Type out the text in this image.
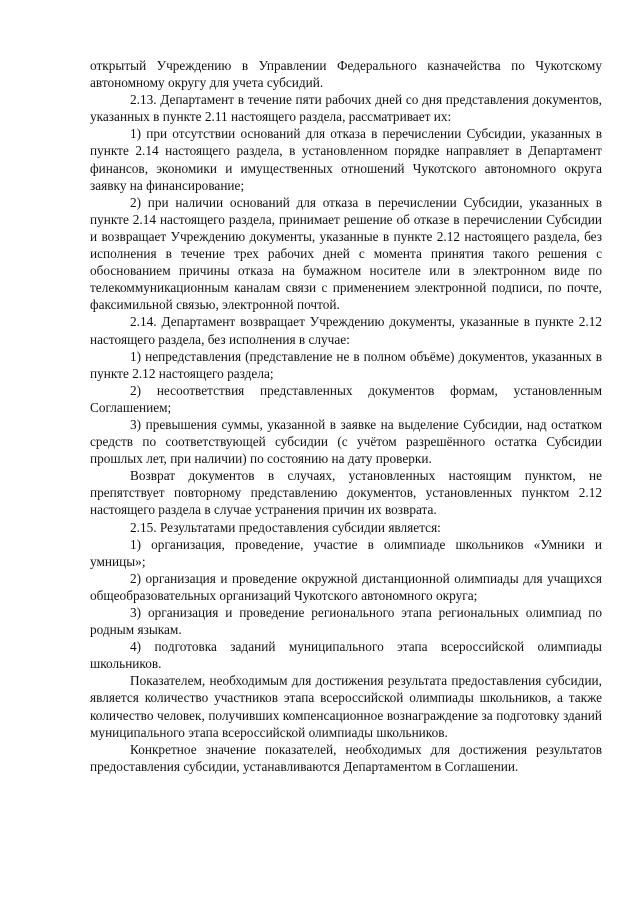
открытый Учреждению в Управлении Федерального казначейства по Чукотскому автономному округу для учета субсидий.

2.13. Департамент в течение пяти рабочих дней со дня представления документов, указанных в пункте 2.11 настоящего раздела, рассматривает их:

1) при отсутствии оснований для отказа в перечислении Субсидии, указанных в пункте 2.14 настоящего раздела, в установленном порядке направляет в Департамент финансов, экономики и имущественных отношений Чукотского автономного округа заявку на финансирование;

2) при наличии оснований для отказа в перечислении Субсидии, указанных в пункте 2.14 настоящего раздела, принимает решение об отказе в перечислении Субсидии и возвращает Учреждению документы, указанные в пункте 2.12 настоящего раздела, без исполнения в течение трех рабочих дней с момента принятия такого решения с обоснованием причины отказа на бумажном носителе или в электронном виде по телекоммуникационным каналам связи с применением электронной подписи, по почте, факсимильной связью, электронной почтой.

2.14. Департамент возвращает Учреждению документы, указанные в пункте 2.12 настоящего раздела, без исполнения в случае:

1) непредставления (представление не в полном объёме) документов, указанных в пункте 2.12 настоящего раздела;

2) несоответствия представленных документов формам, установленным Соглашением;

3) превышения суммы, указанной в заявке на выделение Субсидии, над остатком средств по соответствующей субсидии (с учётом разрешённого остатка Субсидии прошлых лет, при наличии) по состоянию на дату проверки.

Возврат документов в случаях, установленных настоящим пунктом, не препятствует повторному представлению документов, установленных пунктом 2.12 настоящего раздела в случае устранения причин их возврата.

2.15. Результатами предоставления субсидии является:

1) организация, проведение, участие в олимпиаде школьников «Умники и умницы»;

2) организация и проведение окружной дистанционной олимпиады для учащихся общеобразовательных организаций Чукотского автономного округа;

3) организация и проведение регионального этапа региональных олимпиад по родным языкам.

4) подготовка заданий муниципального этапа всероссийской олимпиады школьников.

Показателем, необходимым для достижения результата предоставления субсидии, является количество участников этапа всероссийской олимпиады школьников, а также количество человек, получивших компенсационное вознаграждение за подготовку зданий муниципального этапа всероссийской олимпиады школьников.

Конкретное значение показателей, необходимых для достижения результатов предоставления субсидии, устанавливаются Департаментом в Соглашении.
